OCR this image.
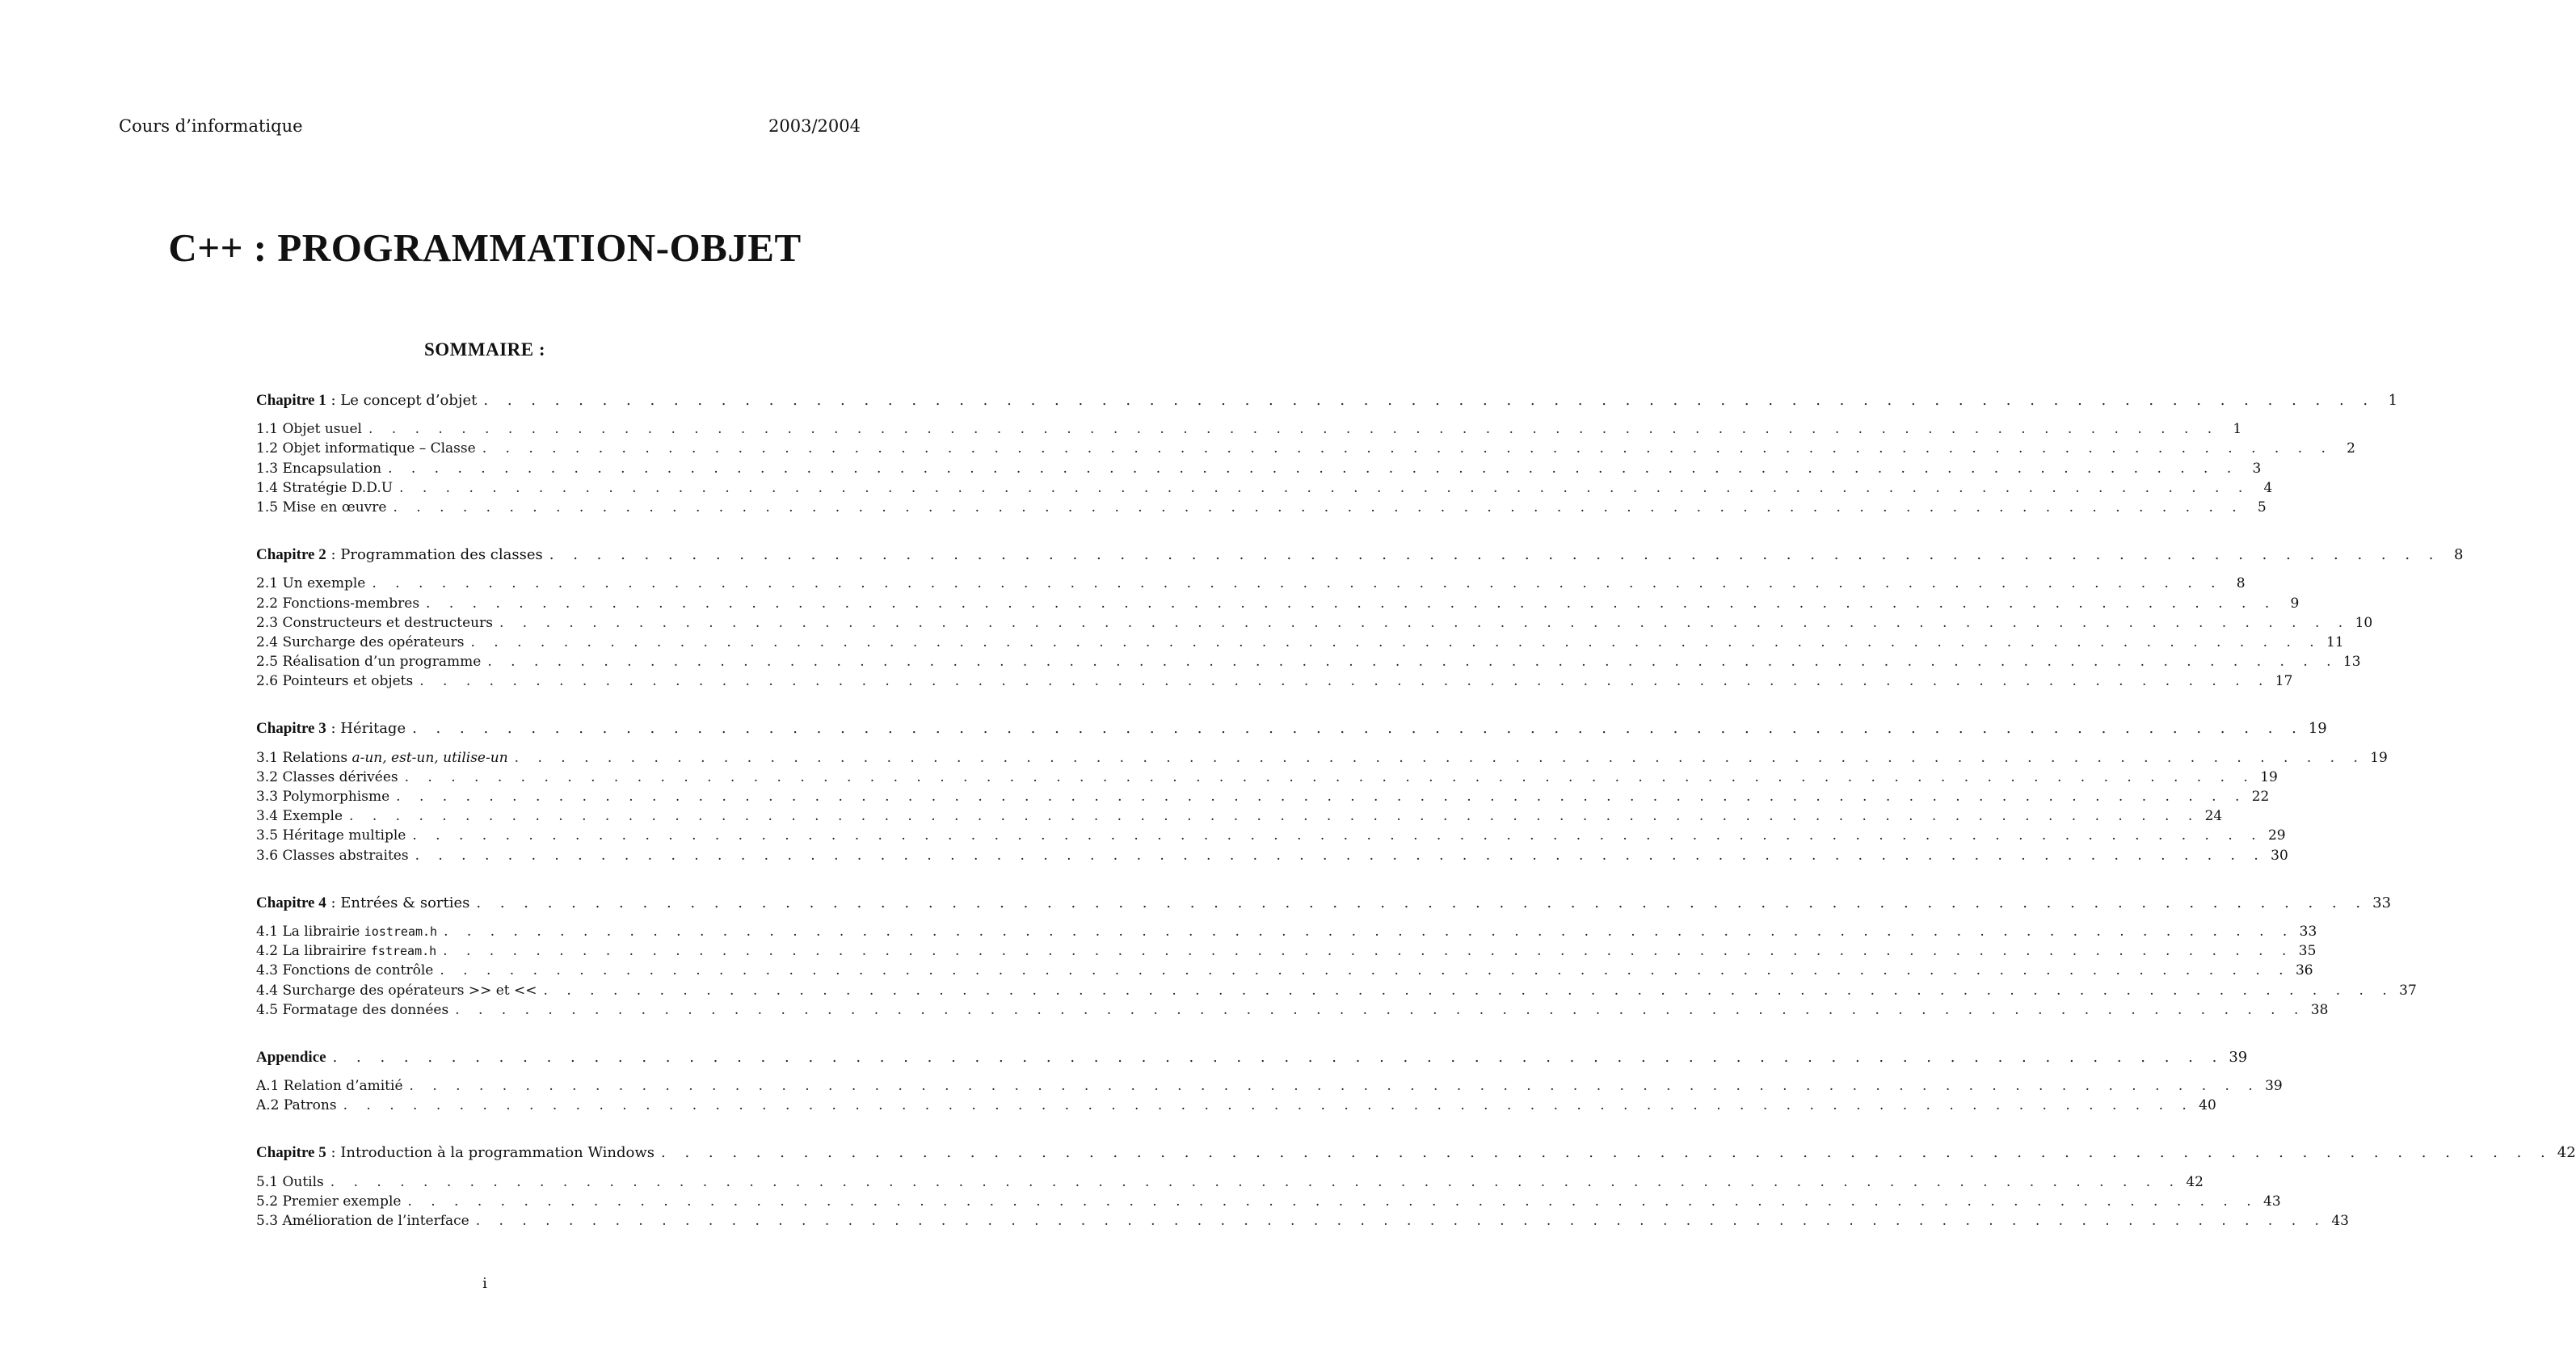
Cours d’informatique	2003/2004
C++ : PROGRAMMATION-OBJET
SOMMAIRE :
Chapitre 1 : Le concept d’objet . . . . . . . . . . . . . . . . . . . . . . . . . . . . . . . . . . . . . . . . . . . . . . . . . . . . . . . . . . . . . . . . . . . . . . . . . . . . . . . . 1
1.1 Objet usuel . . . . . . . . . . . . . . . . . . . . . . . . . . . . . . . . . . . . . . . . . . . . . . . . . . . . . . . . . . . . . . . . . . . . . . . . . . . . . . . .	1
1.2 Objet informatique – Classe . . . . . . . . . . . . . . . . . . . . . . . . . . . . . . . . . . . . . . . . . . . . . . . . . . . . . . . . . . . . . . . . . . . . . . . . . . . . . . . .	2
1.3 Encapsulation . . . . . . . . . . . . . . . . . . . . . . . . . . . . . . . . . . . . . . . . . . . . . . . . . . . . . . . . . . . . . . . . . . . . . . . . . . . . . . . .	3
1.4 Stratégie D.D.U . . . . . . . . . . . . . . . . . . . . . . . . . . . . . . . . . . . . . . . . . . . . . . . . . . . . . . . . . . . . . . . . . . . . . . . . . . . . . . . .	4
1.5 Mise en œuvre . . . . . . . . . . . . . . . . . . . . . . . . . . . . . . . . . . . . . . . . . . . . . . . . . . . . . . . . . . . . . . . . . . . . . . . . . . . . . . . .	5
Chapitre 2 : Programmation des classes . . . . . . . . . . . . . . . . . . . . . . . . . . . . . . . . . . . . . . . . . . . . . . . . . . . . . . . . . . . . . . . . . . . . . . . . . . . . . . . . 8
2.1 Un exemple . . . . . . . . . . . . . . . . . . . . . . . . . . . . . . . . . . . . . . . . . . . . . . . . . . . . . . . . . . . . . . . . . . . . . . . . . . . . . . . .	8
2.2 Fonctions-membres . . . . . . . . . . . . . . . . . . . . . . . . . . . . . . . . . . . . . . . . . . . . . . . . . . . . . . . . . . . . . . . . . . . . . . . . . . . . . . . .	9
2.3 Constructeurs et destructeurs . . . . . . . . . . . . . . . . . . . . . . . . . . . . . . . . . . . . . . . . . . . . . . . . . . . . . . . . . . . . . . . . . . . . . . . . . . . . . . . . 10
2.4 Surcharge des opérateurs . . . . . . . . . . . . . . . . . . . . . . . . . . . . . . . . . . . . . . . . . . . . . . . . . . . . . . . . . . . . . . . . . . . . . . . . . . . . . . . . 11
2.5 Réalisation d’un programme . . . . . . . . . . . . . . . . . . . . . . . . . . . . . . . . . . . . . . . . . . . . . . . . . . . . . . . . . . . . . . . . . . . . . . . . . . . . . . . . 13
2.6 Pointeurs et objets . . . . . . . . . . . . . . . . . . . . . . . . . . . . . . . . . . . . . . . . . . . . . . . . . . . . . . . . . . . . . . . . . . . . . . . . . . . . . . . . 17
Chapitre 3 : Héritage . . . . . . . . . . . . . . . . . . . . . . . . . . . . . . . . . . . . . . . . . . . . . . . . . . . . . . . . . . . . . . . . . . . . . . . . . . . . . . . . 19
3.1 Relations a-un, est-un, utilise-un . . . . . . . . . . . . . . . . . . . . . . . . . . . . . . . . . . . . . . . . . . . . . . . . . . . . . . . . . . . . . . . . . . . . . . . . . . . . . . . . 19
3.2 Classes dérivées . . . . . . . . . . . . . . . . . . . . . . . . . . . . . . . . . . . . . . . . . . . . . . . . . . . . . . . . . . . . . . . . . . . . . . . . . . . . . . . . 19
3.3 Polymorphisme . . . . . . . . . . . . . . . . . . . . . . . . . . . . . . . . . . . . . . . . . . . . . . . . . . . . . . . . . . . . . . . . . . . . . . . . . . . . . . . . 22
3.4 Exemple . . . . . . . . . . . . . . . . . . . . . . . . . . . . . . . . . . . . . . . . . . . . . . . . . . . . . . . . . . . . . . . . . . . . . . . . . . . . . . . . 24
3.5 Héritage multiple . . . . . . . . . . . . . . . . . . . . . . . . . . . . . . . . . . . . . . . . . . . . . . . . . . . . . . . . . . . . . . . . . . . . . . . . . . . . . . . . 29
3.6 Classes abstraites . . . . . . . . . . . . . . . . . . . . . . . . . . . . . . . . . . . . . . . . . . . . . . . . . . . . . . . . . . . . . . . . . . . . . . . . . . . . . . . . 30
Chapitre 4 : Entrées & sorties . . . . . . . . . . . . . . . . . . . . . . . . . . . . . . . . . . . . . . . . . . . . . . . . . . . . . . . . . . . . . . . . . . . . . . . . . . . . . . . . 33
4.1 La librairie iostream.h . . . . . . . . . . . . . . . . . . . . . . . . . . . . . . . . . . . . . . . . . . . . . . . . . . . . . . . . . . . . . . . . . . . . . . . . . . . . . . . . 33
4.2 La librairire fstream.h . . . . . . . . . . . . . . . . . . . . . . . . . . . . . . . . . . . . . . . . . . . . . . . . . . . . . . . . . . . . . . . . . . . . . . . . . . . . . . . . 35
4.3 Fonctions de contrôle . . . . . . . . . . . . . . . . . . . . . . . . . . . . . . . . . . . . . . . . . . . . . . . . . . . . . . . . . . . . . . . . . . . . . . . . . . . . . . . . 36
4.4 Surcharge des opérateurs >> et << . . . . . . . . . . . . . . . . . . . . . . . . . . . . . . . . . . . . . . . . . . . . . . . . . . . . . . . . . . . . . . . . . . . . . . . . . . . . . . . . 37
4.5 Formatage des données . . . . . . . . . . . . . . . . . . . . . . . . . . . . . . . . . . . . . . . . . . . . . . . . . . . . . . . . . . . . . . . . . . . . . . . . . . . . . . . . 38
Appendice . . . . . . . . . . . . . . . . . . . . . . . . . . . . . . . . . . . . . . . . . . . . . . . . . . . . . . . . . . . . . . . . . . . . . . . . . . . . . . . . 39
A.1 Relation d’amitié . . . . . . . . . . . . . . . . . . . . . . . . . . . . . . . . . . . . . . . . . . . . . . . . . . . . . . . . . . . . . . . . . . . . . . . . . . . . . . . . 39
A.2 Patrons . . . . . . . . . . . . . . . . . . . . . . . . . . . . . . . . . . . . . . . . . . . . . . . . . . . . . . . . . . . . . . . . . . . . . . . . . . . . . . . . 40
Chapitre 5 : Introduction à la programmation Windows . . . . . . . . . . . . . . . . . . . . . . . . . . . . . . . . . . . . . . . . . . . . . . . . . . . . . . . . . . . . . . . . . . . . . . . . . . . . . . . . 42
5.1 Outils . . . . . . . . . . . . . . . . . . . . . . . . . . . . . . . . . . . . . . . . . . . . . . . . . . . . . . . . . . . . . . . . . . . . . . . . . . . . . . . . 42
5.2 Premier exemple . . . . . . . . . . . . . . . . . . . . . . . . . . . . . . . . . . . . . . . . . . . . . . . . . . . . . . . . . . . . . . . . . . . . . . . . . . . . . . . . 43
5.3 Amélioration de l’interface . . . . . . . . . . . . . . . . . . . . . . . . . . . . . . . . . . . . . . . . . . . . . . . . . . . . . . . . . . . . . . . . . . . . . . . . . . . . . . . . 43
i
